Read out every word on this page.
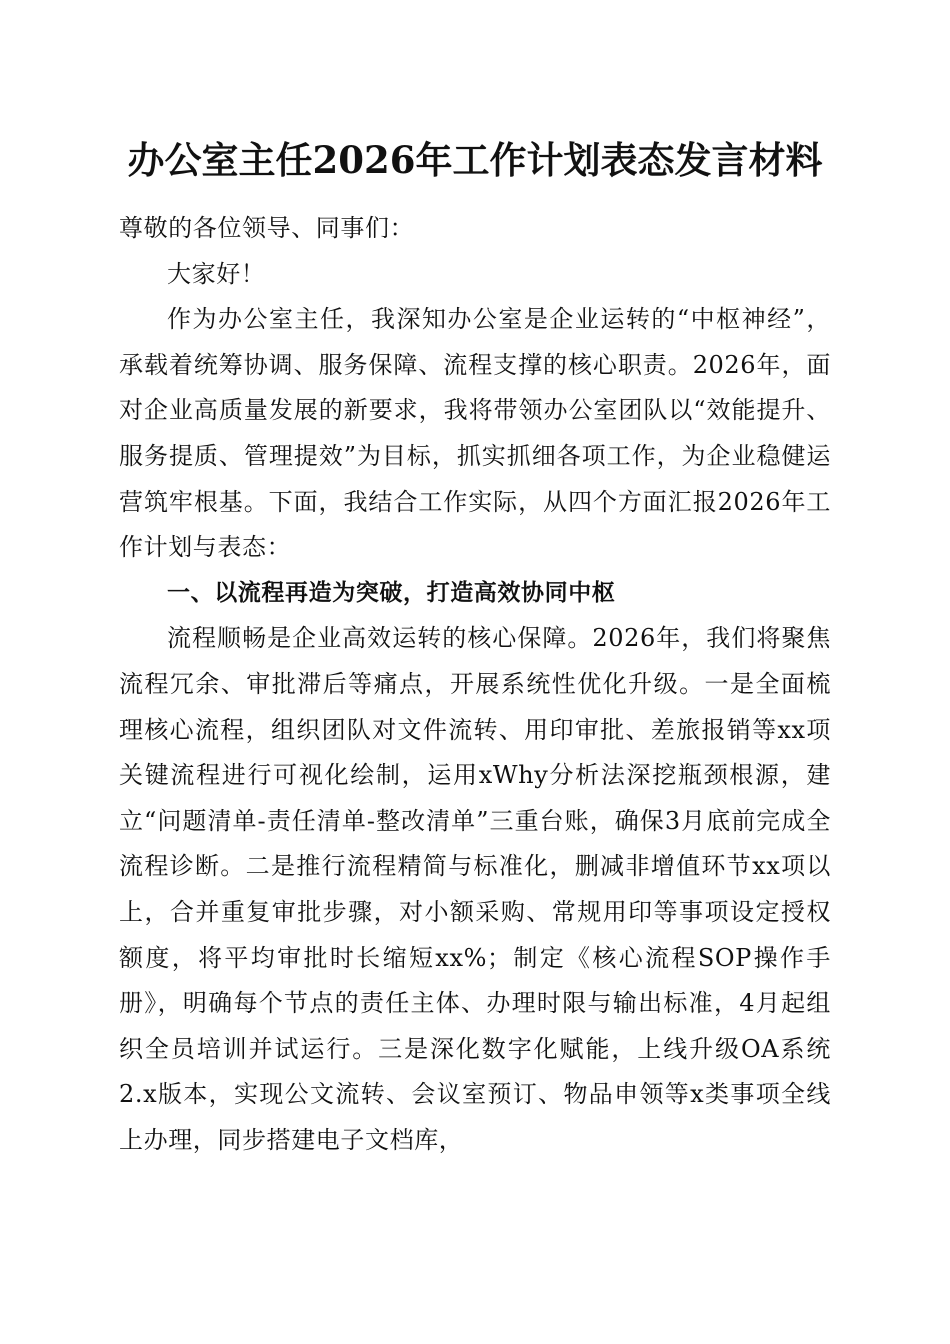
办公室主任2026年工作计划表态发言材料

尊敬的各位领导、同事们：

大家好！

作为办公室主任，我深知办公室是企业运转的“中枢神经”，承载着统筹协调、服务保障、流程支撑的核心职责。2026年，面对企业高质量发展的新要求，我将带领办公室团队以“效能提升、服务提质、管理提效”为目标，抓实抓细各项工作，为企业稳健运营筑牢根基。下面，我结合工作实际，从四个方面汇报2026年工作计划与表态：

一、以流程再造为突破，打造高效协同中枢

流程顺畅是企业高效运转的核心保障。2026年，我们将聚焦流程冗余、审批滞后等痛点，开展系统性优化升级。一是全面梳理核心流程，组织团队对文件流转、用印审批、差旅报销等xx项关键流程进行可视化绘制，运用xWhy分析法深挖瓶颈根源，建立“问题清单-责任清单-整改清单”三重台账，确保3月底前完成全流程诊断。二是推行流程精简与标准化，删减非增值环节xx项以上，合并重复审批步骤，对小额采购、常规用印等事项设定授权额度，将平均审批时长缩短xx%；制定《核心流程SOP操作手册》，明确每个节点的责任主体、办理时限与输出标准，4月起组织全员培训并试运行。三是深化数字化赋能，上线升级OA系统2.x版本，实现公文流转、会议室预订、物品申领等x类事项全线上办理，同步搭建电子文档库，
